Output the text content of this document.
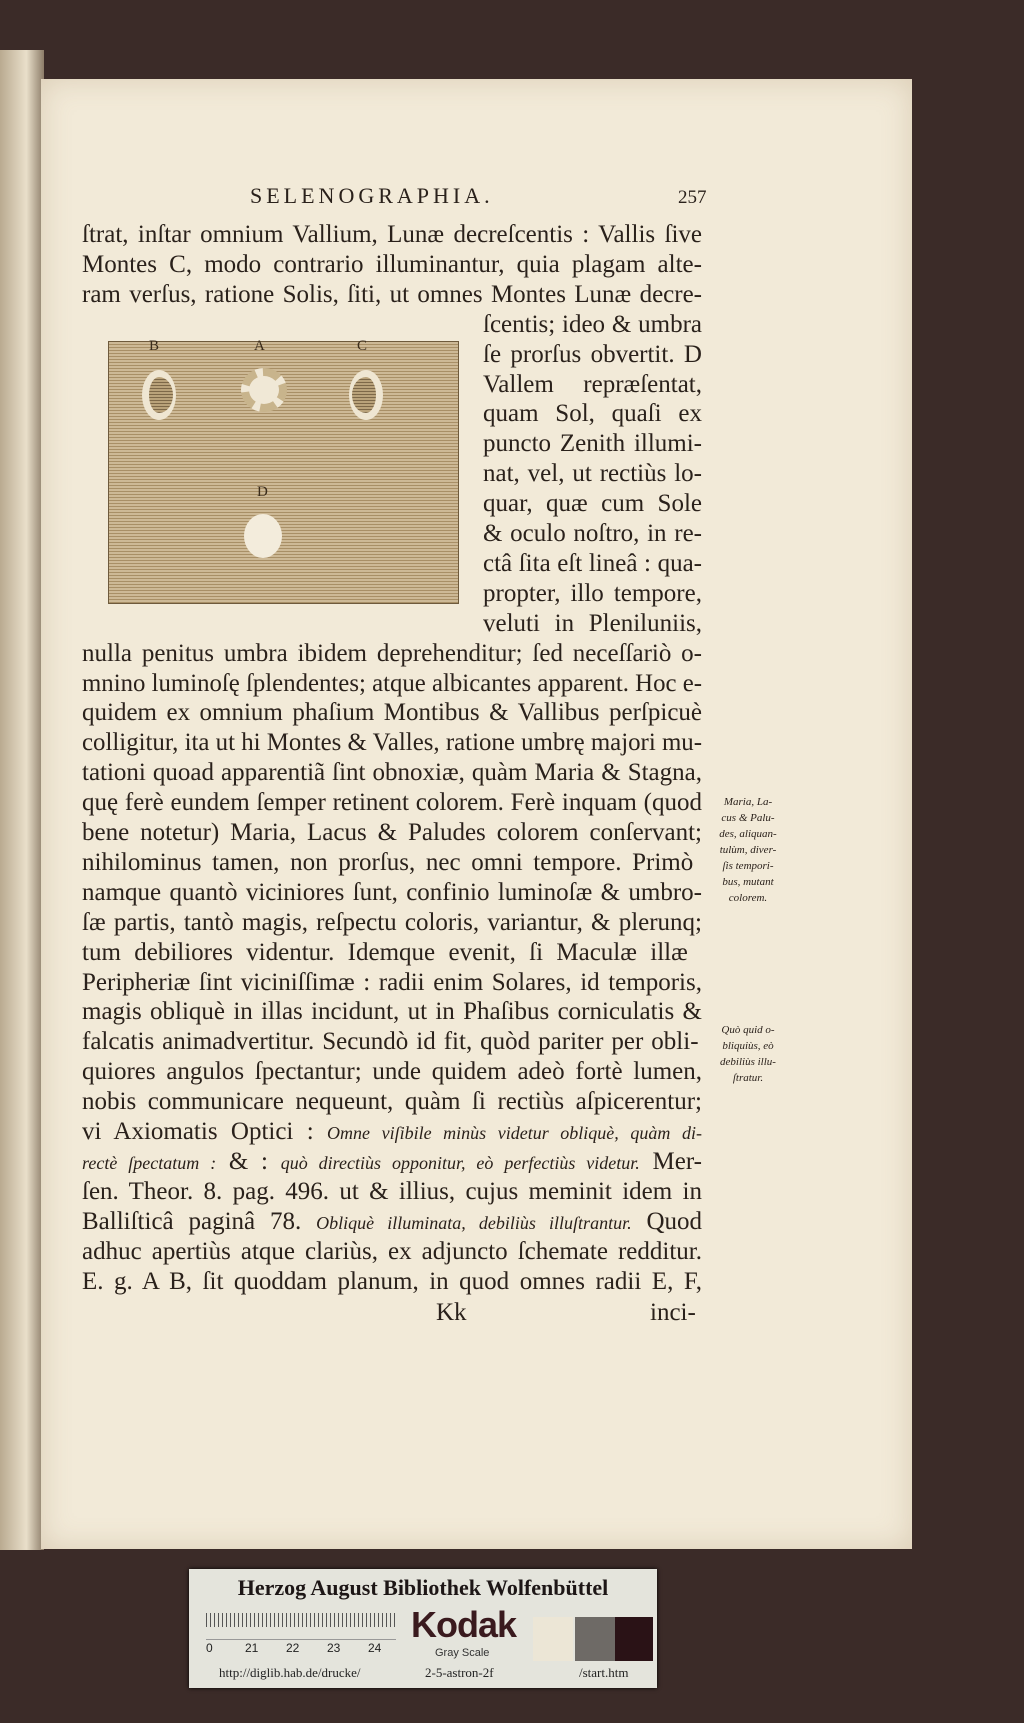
SELENOGRAPHIA.	257
B	A	C
D
ſtrat, inſtar omnium Vallium, Lunæ decreſcentis : Vallis ſive
Montes C, modo contrario illuminantur, quia plagam alte-
ram verſus, ratione Solis, ſiti, ut omnes Montes Lunæ decre-
ſcentis; ideo & umbra
ſe prorſus obvertit. D
Vallem repræſentat,
quam Sol, quaſi ex
puncto Zenith illumi-
nat, vel, ut rectiùs lo-
quar, quæ cum Sole
& oculo noſtro, in re-
ctâ ſita eſt lineâ : qua-
propter, illo tempore,
veluti in Pleniluniis,
nulla penitus umbra ibidem deprehenditur; ſed neceſſariò o-
mnino luminoſę ſplendentes; atque albicantes apparent. Hoc e-
quidem ex omnium phaſium Montibus & Vallibus perſpicuè
colligitur, ita ut hi Montes & Valles, ratione umbrę majori mu-
tationi quoad apparentiã ſint obnoxiæ, quàm Maria & Stagna,
quę ferè eundem ſemper retinent colorem. Ferè inquam (quod
bene notetur) Maria, Lacus & Paludes colorem conſervant;
nihilominus tamen, non prorſus, nec omni tempore. Primò
namque quantò viciniores ſunt, confinio luminoſæ & umbro-
ſæ partis, tantò magis, reſpectu coloris, variantur, & plerunq;
tum debiliores videntur. Idemque evenit, ſi Maculæ illæ
Peripheriæ ſint viciniſſimæ : radii enim Solares, id temporis,
magis obliquè in illas incidunt, ut in Phaſibus corniculatis &
falcatis animadvertitur. Secundò id fit, quòd pariter per obli-
quiores angulos ſpectantur; unde quidem adeò fortè lumen,
nobis communicare nequeunt, quàm ſi rectiùs aſpicerentur;
vi Axiomatis Optici : Omne viſibile minùs videtur obliquè, quàm di-
rectè ſpectatum : & : quò directiùs opponitur, eò perfectiùs videtur. Mer-
ſen. Theor. 8. pag. 496. ut & illius, cujus meminit idem in
Balliſticâ paginâ 78. Obliquè illuminata, debiliùs illuſtrantur. Quod
adhuc apertiùs atque clariùs, ex adjuncto ſchemate redditur.
E. g. A B, ſit quoddam planum, in quod omnes radii E, F,
Maria, La-
cus & Palu-
des, aliquan-
tulùm, diver-
ſis tempori-
bus, mutant
colorem.
Quò quid o-
bliquiùs, eò
debiliùs illu-
ſtratur.
Kk	inci-
Herzog August Bibliothek Wolfenbüttel
0	21 22 23 24
Kodak
Gray Scale
http://diglib.hab.de/drucke/	2-5-astron-2f	/start.htm
